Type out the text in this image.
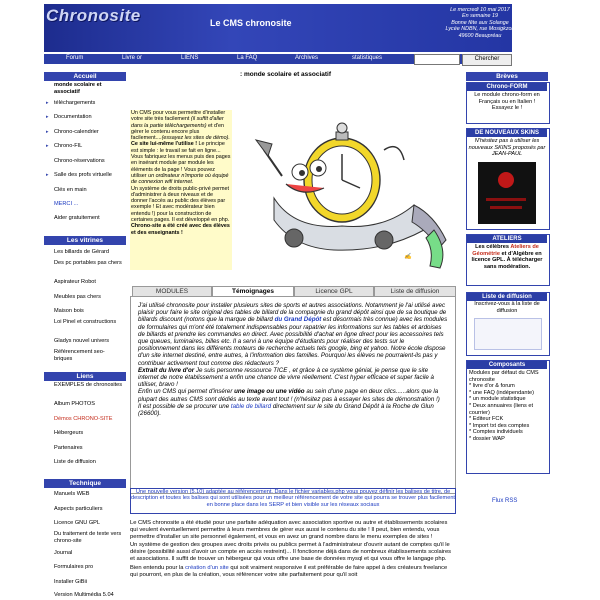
Chronosite	Le CMS chronosite
Le mercredi 10 mai 2017
En semaine 19
Bonne fête aux Solange
Lycée NDBN, rue Mosigkzon
49600 Beaupréau
Forum	Livre or	LIENS	La FAQ	Archives	statistiques	Chercher
Accueil
monde scolaire et associatif
▸ téléchargements
▸ Documentation
▸ Chrono-calendrier
▸ Chrono-FIL
Chrono-réservations
▸ Salle des profs virtuelle
Clés en main
MERCI ...
Aider gratuitement
Les vitrines
Les billards de Gérard
Des pc portables pas chers
Aspirateur Robot
Meubles pas chers
Maison bois
Loi Pinel et constructions
Gladys nouvel univers
Référencement seo-briques
Liens
EXEMPLES de chronosites
Album PHOTOS
Démos CHRONO-SITE
Hébergeurs
Partenaires
Liste de diffusion
Technique
Manuels WEB
Aspects particuliers
Licence GNU GPL
Du traitement de texte vers chrono-site
Journal
Formulaires pro
Installer GiBii
Version Multimédia 5.04
: monde scolaire et associatif
Un CMS pour vous permettre d'installer votre site très facilement (il suffit d'aller dans la partie téléchargements) et d'en gérer le contenu encore plus facilement....(essayez les sites de démo).
Ce site lui-même l'utilise ! Le principe est simple : le travail se fait en ligne... Vous fabriquez les menus puis des pages en insérant module par module les éléments de la page ! Vous pouvez utiliser un ordinateur n'importe où équipé de connexion wifi internet.
Un système de droits public-privé permet d'administrer à deux niveaux et de donner l'accès au public des élèves par exemple ! Et avec modérateur bien entendu !) pour la construction de certaines pages. Il est développé en php. Chrono-site a été créé avec des élèves et des enseignants !
✍
MODULES	Témoignages	Licence GPL	Liste de diffusion

J'ai utilisé chronosite pour installer plusieurs sites de sports et autres associations. Notamment je l'ai utilisé avec plaisir pour faire le site original des tables de billard de la compagnie du grand dépôt ainsi que de sa boutique de billards discount (notons que la marque de billard du Grand Dépôt est désormais très connue) avec les modules de formulaires qui m'ont été totalement indispensables pour rapatrier les informations sur les tables et ardoises de billards et prendre les commandes en direct. Avec possibilité d'achat en ligne direct pour les accessoires tels que queues, luminaires, billes etc. Il a servi à une équipe d'étudiants pour réaliser des tests sur le positionnement dans les différents moteurs de recherche actuels tels google, bing et yahoo. Notre école dispose d'un site internet destiné, entre autres, à l'information des familles. Pourquoi les élèves ne pourraient-ils pas y contribuer activement tout comme des rédacteurs ?

Extrait du livre d'or Je suis personne ressource TICE , et grâce à ce système génial, je pense que le site internet de notre établissement a enfin une chance de vivre réellement. C'est hyper efficace et super facile à utiliser, bravo !

Enfin un CMS qui permet d'insérer une image ou une vidéo au sein d'une page en deux clics......alors que la plupart des autres CMS sont dédiés au texte avant tout ! (n'hésitez pas à essayer les sites de démonstration !)

Il est possible de se procurer une table de billard directement sur le site du Grand Dépôt à la Roche de Glun (26600).

Une nouvelle version (5.10) adaptée au référencement. Dans le fichier variables.php vous pouvez définir les balises de titre, de description et toutes les balises qui sont utilisées pour un meilleur référencement de votre site qui pourra se trouver plus facilement en bonne place dans les SERP et bien visible sur les réseaux sociaux

Le CMS chronosite a été étudié pour une parfaite adéquation avec association sportive ou autre et établissements scolaires qui veulent éventuellement permettre à leurs membres de gérer eux aussi le contenu du site ! Il peut, bien entendu, vous permettre d'installer un site personnel également, et vous en avez un grand nombre dans le menu exemples de sites !

Un système de gestion des groupes avec droits privés ou publics permet à l'administrateur d'ouvrir autant de comptes qu'il le désire (possibilité aussi d'avoir un compte en accès restreint)... Il fonctionne déjà dans de nombreux établissements scolaires et associations. Il suffit de trouver un hébergeur qui vous offre une base de données mysql et qui vous offre le langage php.

Bien entendu pour la création d'un site qui soit vraiment responsive il est préférable de faire appel à des créateurs freelance qui pourront, en plus de la création, vous référencer votre site parfaitement pour qu'il soit

Brèves
Chrono-FORM
Le module chrono-form en Français ou en Italien ! Essayez le !
DE NOUVEAUX SKINS
N'hésitez pas à utiliser les nouveaux SKINS proposés par JEAN-PAUL
ATELIERS
Les célèbres Ateliers de Géométrie et d'Algèbre en licence GPL. À télécharger sans modération.
Liste de diffusion
Inscrivez-vous à la liste de diffusion
Composants
Modules par défaut du CMS chronosite
* livre d'or & forum
* une FAQ (indépendante)
* un module statistique
* Deux annuaires (liens et courrier)
* Editeur FCK
* Import txt des comptes
* Comptes individuels
* dossier WAP
Flux RSS
